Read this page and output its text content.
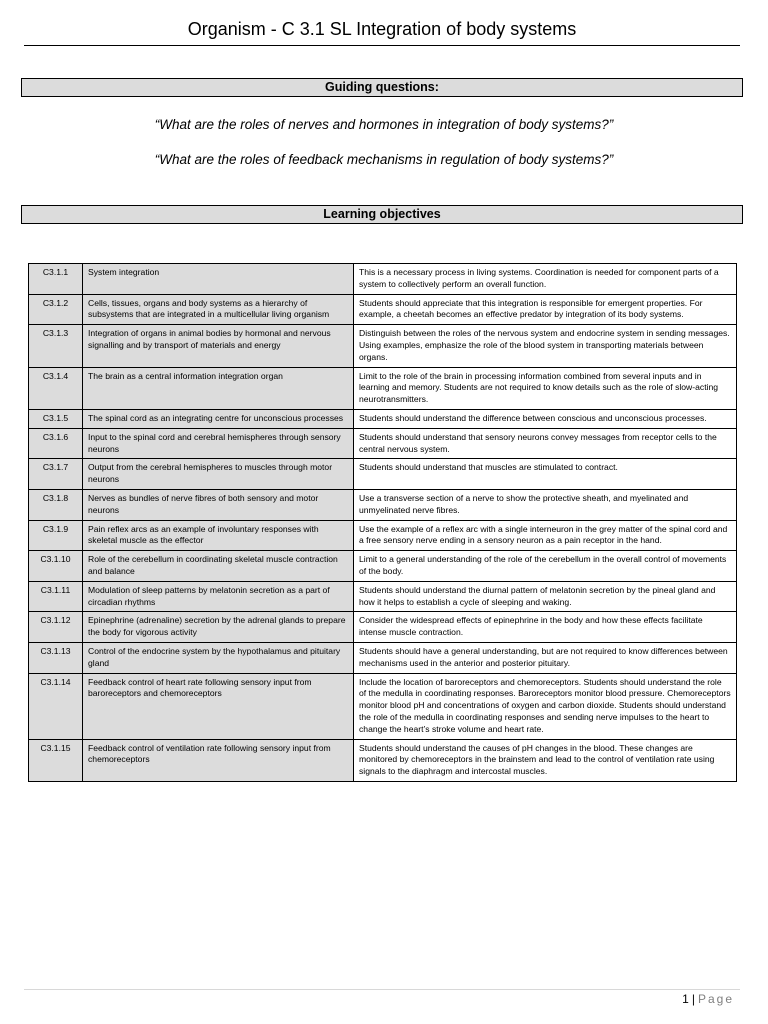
Organism - C 3.1 SL Integration of body systems
Guiding questions:
“What are the roles of nerves and hormones in integration of body systems?”
“What are the roles of feedback mechanisms in regulation of body systems?”
Learning objectives
C3.1.1	System integration	This is a necessary process in living systems. Coordination is needed for component parts of a system to collectively perform an overall function.
C3.1.2	Cells, tissues, organs and body systems as a hierarchy of subsystems that are integrated in a multicellular living organism	Students should appreciate that this integration is responsible for emergent properties. For example, a cheetah becomes an effective predator by integration of its body systems.
C3.1.3	Integration of organs in animal bodies by hormonal and nervous signalling and by transport of materials and energy	Distinguish between the roles of the nervous system and endocrine system in sending messages. Using examples, emphasize the role of the blood system in transporting materials between organs.
C3.1.4	The brain as a central information integration organ	Limit to the role of the brain in processing information combined from several inputs and in learning and memory. Students are not required to know details such as the role of slow-acting neurotransmitters.
C3.1.5	The spinal cord as an integrating centre for unconscious processes	Students should understand the difference between conscious and unconscious processes.
C3.1.6	Input to the spinal cord and cerebral hemispheres through sensory neurons	Students should understand that sensory neurons convey messages from receptor cells to the central nervous system.
C3.1.7	Output from the cerebral hemispheres to muscles through motor neurons	Students should understand that muscles are stimulated to contract.
C3.1.8	Nerves as bundles of nerve fibres of both sensory and motor neurons	Use a transverse section of a nerve to show the protective sheath, and myelinated and unmyelinated nerve fibres.
C3.1.9	Pain reflex arcs as an example of involuntary responses with skeletal muscle as the effector	Use the example of a reflex arc with a single interneuron in the grey matter of the spinal cord and a free sensory nerve ending in a sensory neuron as a pain receptor in the hand.
C3.1.10	Role of the cerebellum in coordinating skeletal muscle contraction and balance	Limit to a general understanding of the role of the cerebellum in the overall control of movements of the body.
C3.1.11	Modulation of sleep patterns by melatonin secretion as a part of circadian rhythms	Students should understand the diurnal pattern of melatonin secretion by the pineal gland and how it helps to establish a cycle of sleeping and waking.
C3.1.12	Epinephrine (adrenaline) secretion by the adrenal glands to prepare the body for vigorous activity	Consider the widespread effects of epinephrine in the body and how these effects facilitate intense muscle contraction.
C3.1.13	Control of the endocrine system by the hypothalamus and pituitary gland	Students should have a general understanding, but are not required to know differences between mechanisms used in the anterior and posterior pituitary.
C3.1.14	Feedback control of heart rate following sensory input from baroreceptors and chemoreceptors	Include the location of baroreceptors and chemoreceptors. Students should understand the role of the medulla in coordinating responses. Baroreceptors monitor blood pressure. Chemoreceptors monitor blood pH and concentrations of oxygen and carbon dioxide. Students should understand the role of the medulla in coordinating responses and sending nerve impulses to the heart to change the heart’s stroke volume and heart rate.
C3.1.15	Feedback control of ventilation rate following sensory input from chemoreceptors	Students should understand the causes of pH changes in the blood. These changes are monitored by chemoreceptors in the brainstem and lead to the control of ventilation rate using signals to the diaphragm and intercostal muscles.
1 | Page
